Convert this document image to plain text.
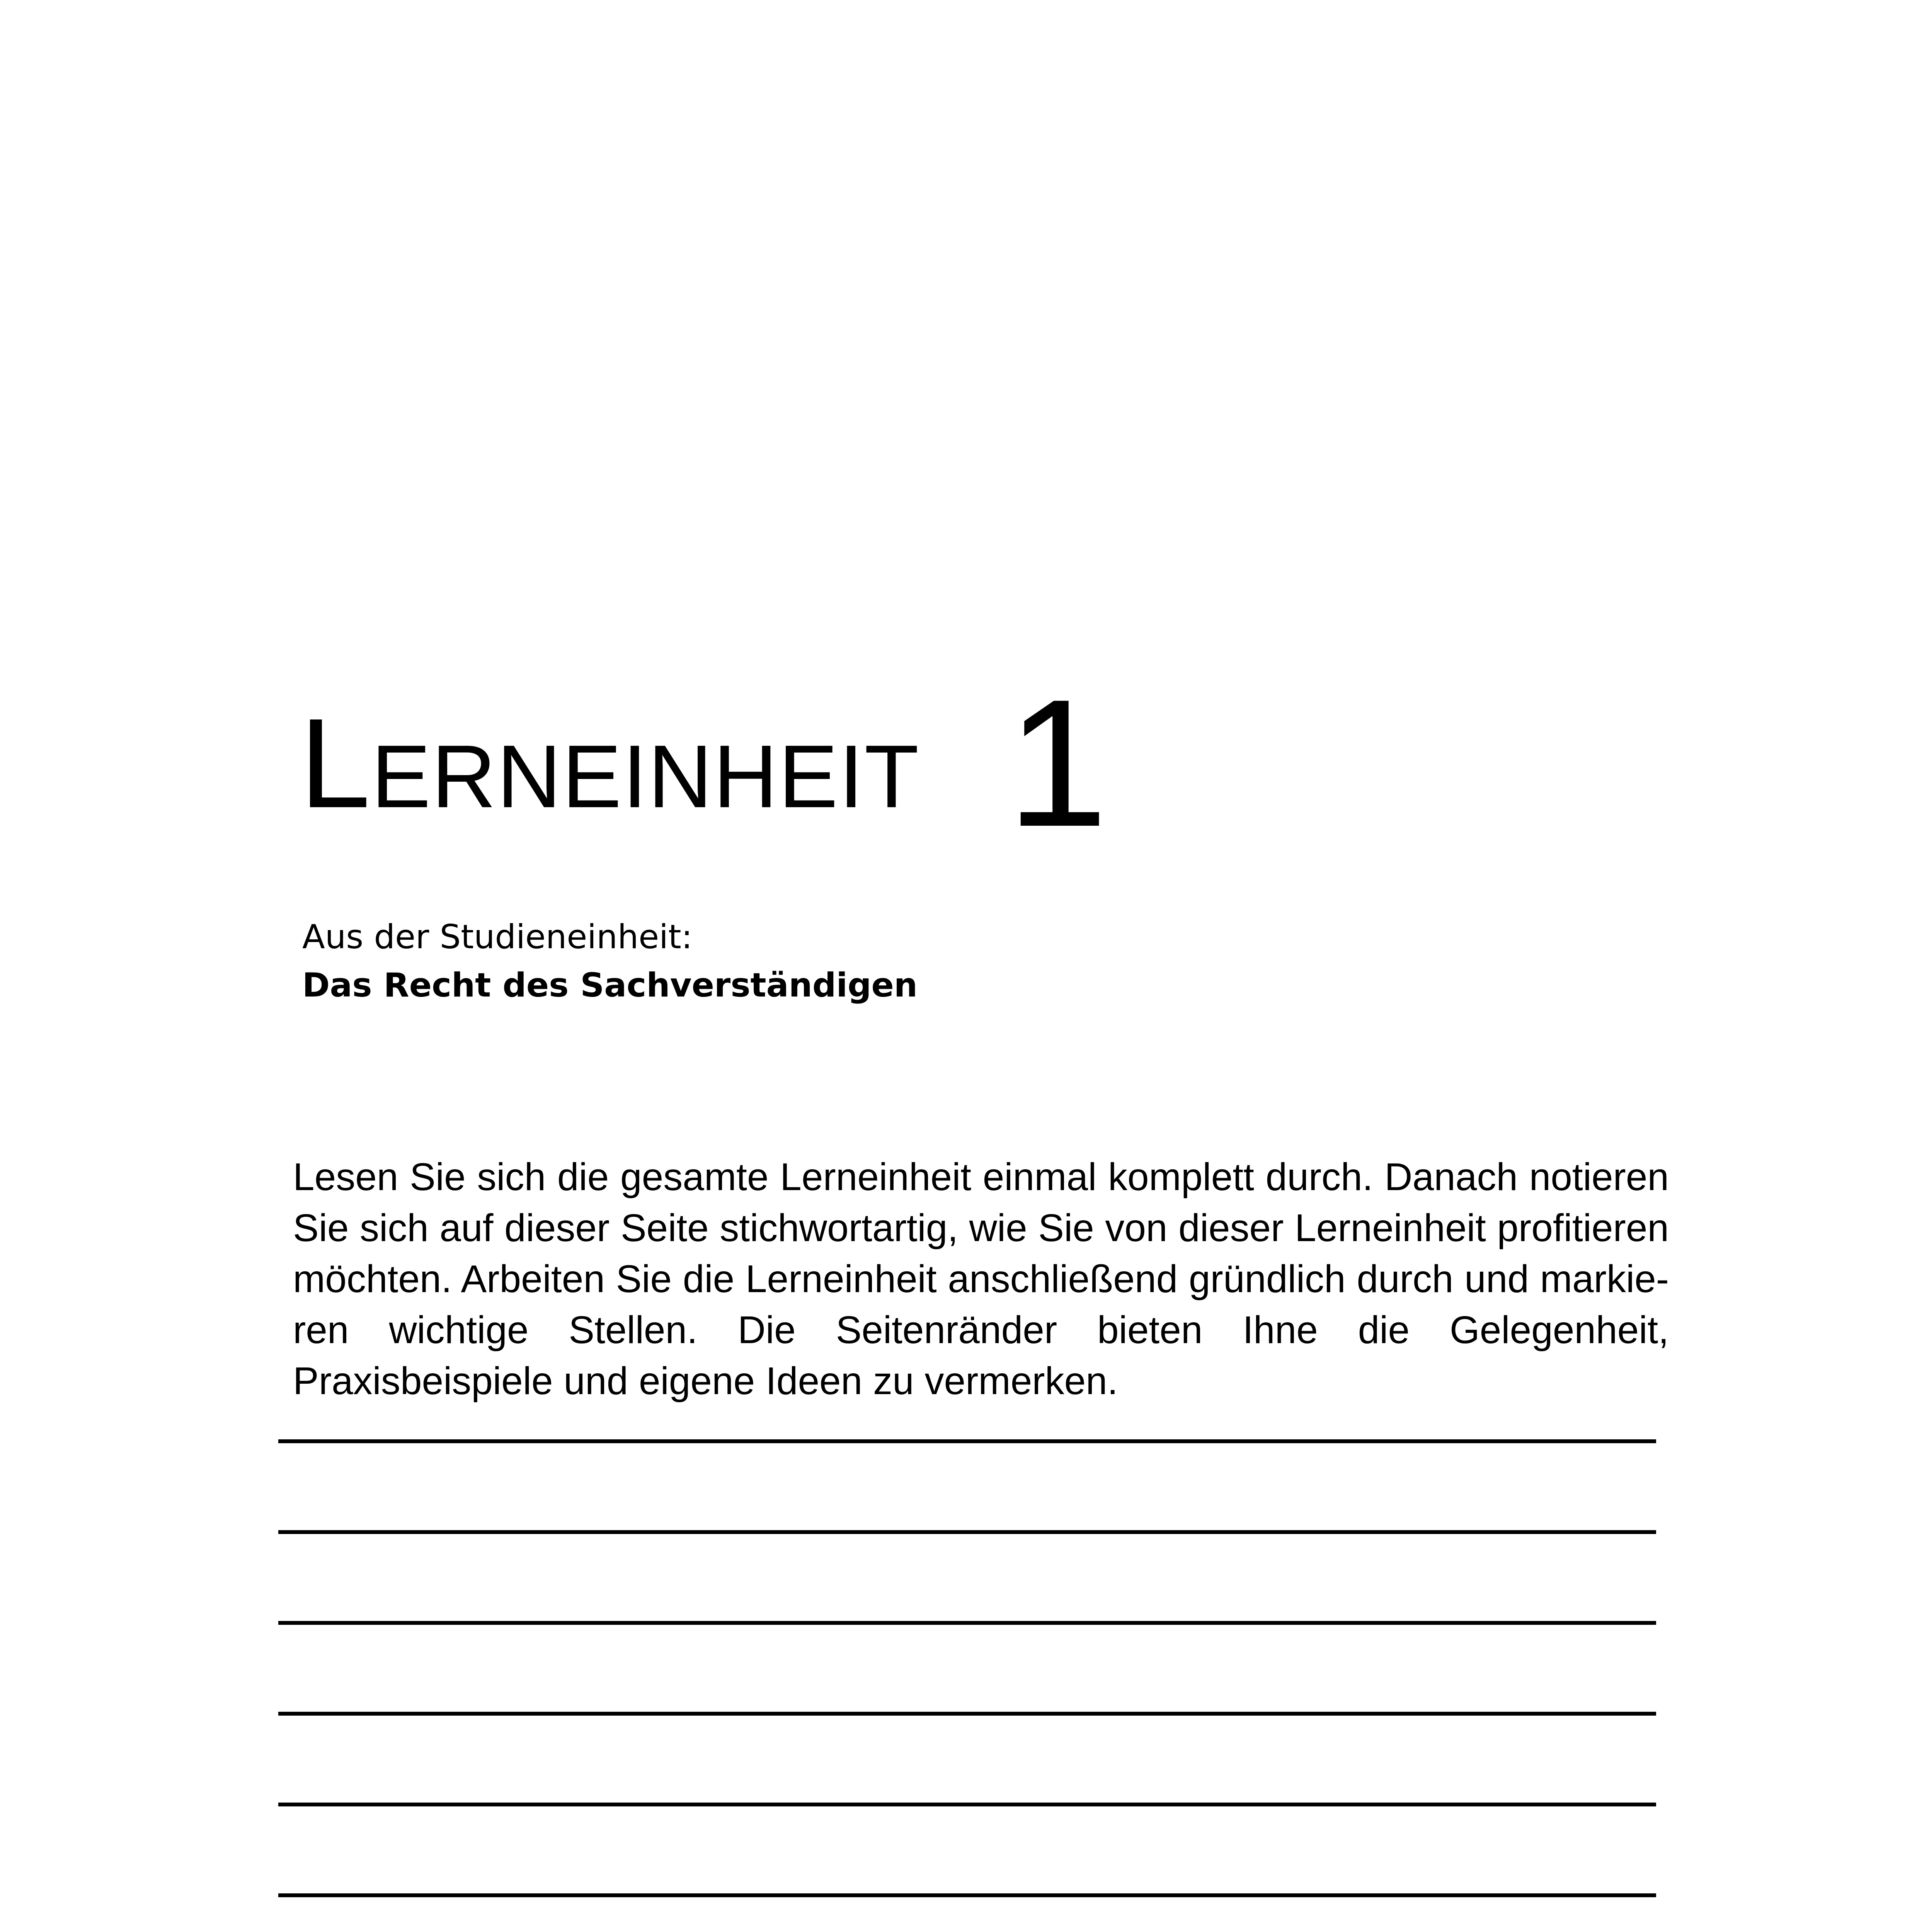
Lerneinheit 1
Aus der Studieneinheit:
Das Recht des Sachverständigen

Lesen Sie sich die gesamte Lerneinheit einmal komplett durch. Danach notieren Sie sich auf dieser Seite stichwortartig, wie Sie von dieser Lerneinheit profitieren möchten. Arbeiten Sie die Lerneinheit anschließend gründlich durch und markie-ren wichtige Stellen. Die Seitenränder bieten Ihne die Gelegenheit, Praxisbeispiele und eigene Ideen zu vermerken.
